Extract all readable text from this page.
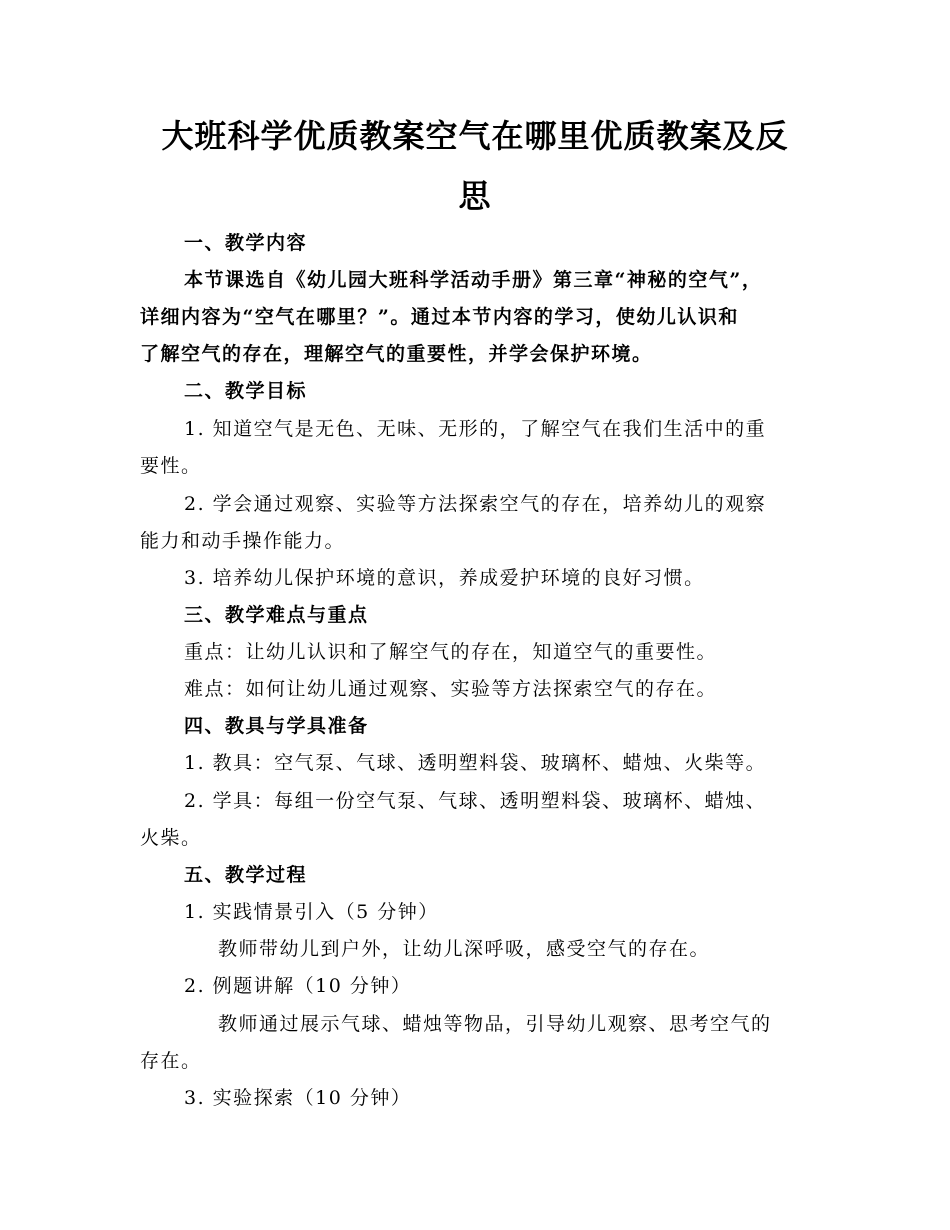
大班科学优质教案空气在哪里优质教案及反
思
一、教学内容
本节课选自《幼儿园大班科学活动手册》第三章“神秘的空气”，
详细内容为“空气在哪里？”。通过本节内容的学习，使幼儿认识和
了解空气的存在，理解空气的重要性，并学会保护环境。
二、教学目标
1. 知道空气是无色、无味、无形的，了解空气在我们生活中的重
要性。
2. 学会通过观察、实验等方法探索空气的存在，培养幼儿的观察
能力和动手操作能力。
3. 培养幼儿保护环境的意识，养成爱护环境的良好习惯。
三、教学难点与重点
重点：让幼儿认识和了解空气的存在，知道空气的重要性。
难点：如何让幼儿通过观察、实验等方法探索空气的存在。
四、教具与学具准备
1. 教具：空气泵、气球、透明塑料袋、玻璃杯、蜡烛、火柴等。
2. 学具：每组一份空气泵、气球、透明塑料袋、玻璃杯、蜡烛、
火柴。
五、教学过程
1. 实践情景引入（5 分钟）
教师带幼儿到户外，让幼儿深呼吸，感受空气的存在。
2. 例题讲解（10 分钟）
教师通过展示气球、蜡烛等物品，引导幼儿观察、思考空气的
存在。
3. 实验探索（10 分钟）
